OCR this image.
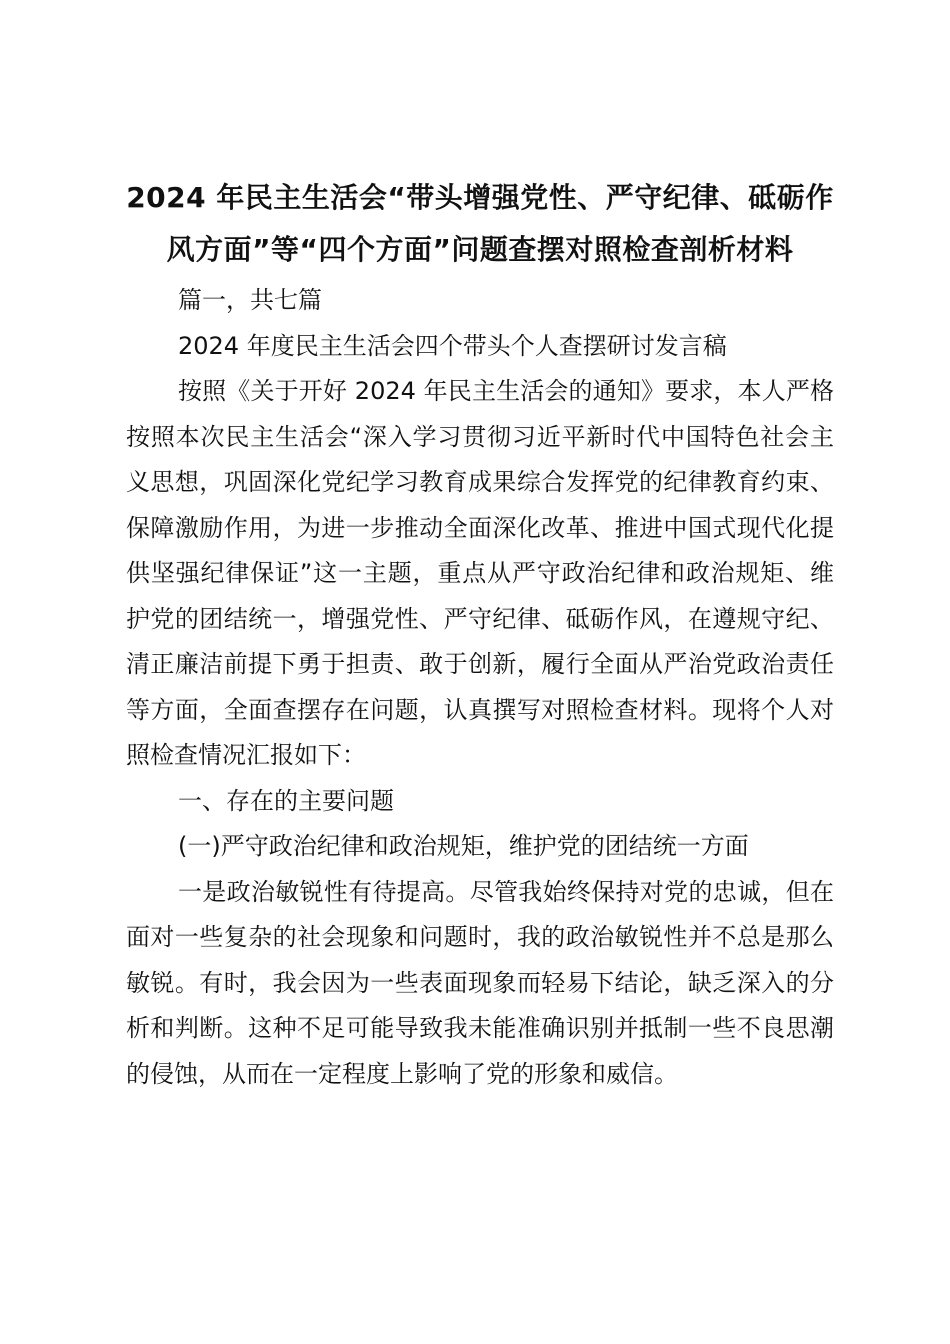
2024 年民主生活会“带头增强党性、严守纪律、砥砺作
风方面”等“四个方面”问题查摆对照检查剖析材料

篇一，共七篇

2024 年度民主生活会四个带头个人查摆研讨发言稿

按照《关于开好 2024 年民主生活会的通知》要求，本人严格按照本次民主生活会“深入学习贯彻习近平新时代中国特色社会主义思想，巩固深化党纪学习教育成果综合发挥党的纪律教育约束、保障激励作用，为进一步推动全面深化改革、推进中国式现代化提供坚强纪律保证”这一主题，重点从严守政治纪律和政治规矩、维护党的团结统一，增强党性、严守纪律、砥砺作风，在遵规守纪、清正廉洁前提下勇于担责、敢于创新，履行全面从严治党政治责任等方面，全面查摆存在问题，认真撰写对照检查材料。现将个人对照检查情况汇报如下：

一、存在的主要问题

(一)严守政治纪律和政治规矩，维护党的团结统一方面

一是政治敏锐性有待提高。尽管我始终保持对党的忠诚，但在面对一些复杂的社会现象和问题时，我的政治敏锐性并不总是那么敏锐。有时，我会因为一些表面现象而轻易下结论，缺乏深入的分析和判断。这种不足可能导致我未能准确识别并抵制一些不良思潮的侵蚀，从而在一定程度上影响了党的形象和威信。
